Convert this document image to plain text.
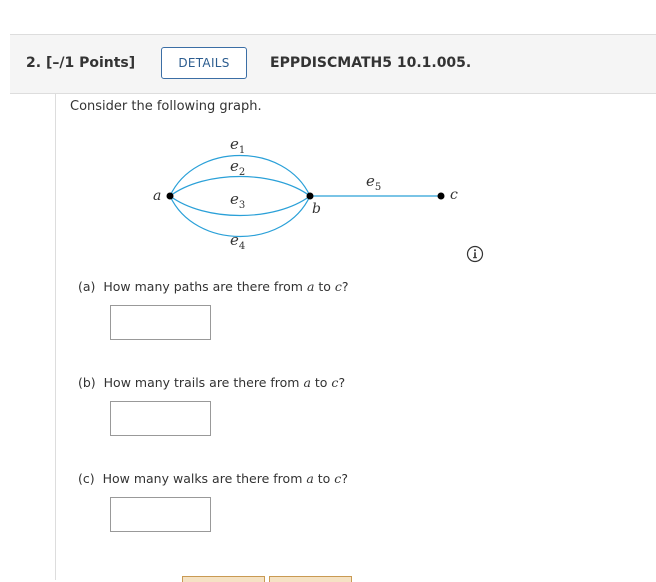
2. [–/1 Points]	DETAILS	EPPDISCMATH5 10.1.005.
Consider the following graph.
a
b
c
$e_1$
$e_2$
$e_3$
$e_4$
$e_5$
(a) How many paths are there from a to c?
(b) How many trails are there from a to c?
(c) How many walks are there from a to c?
